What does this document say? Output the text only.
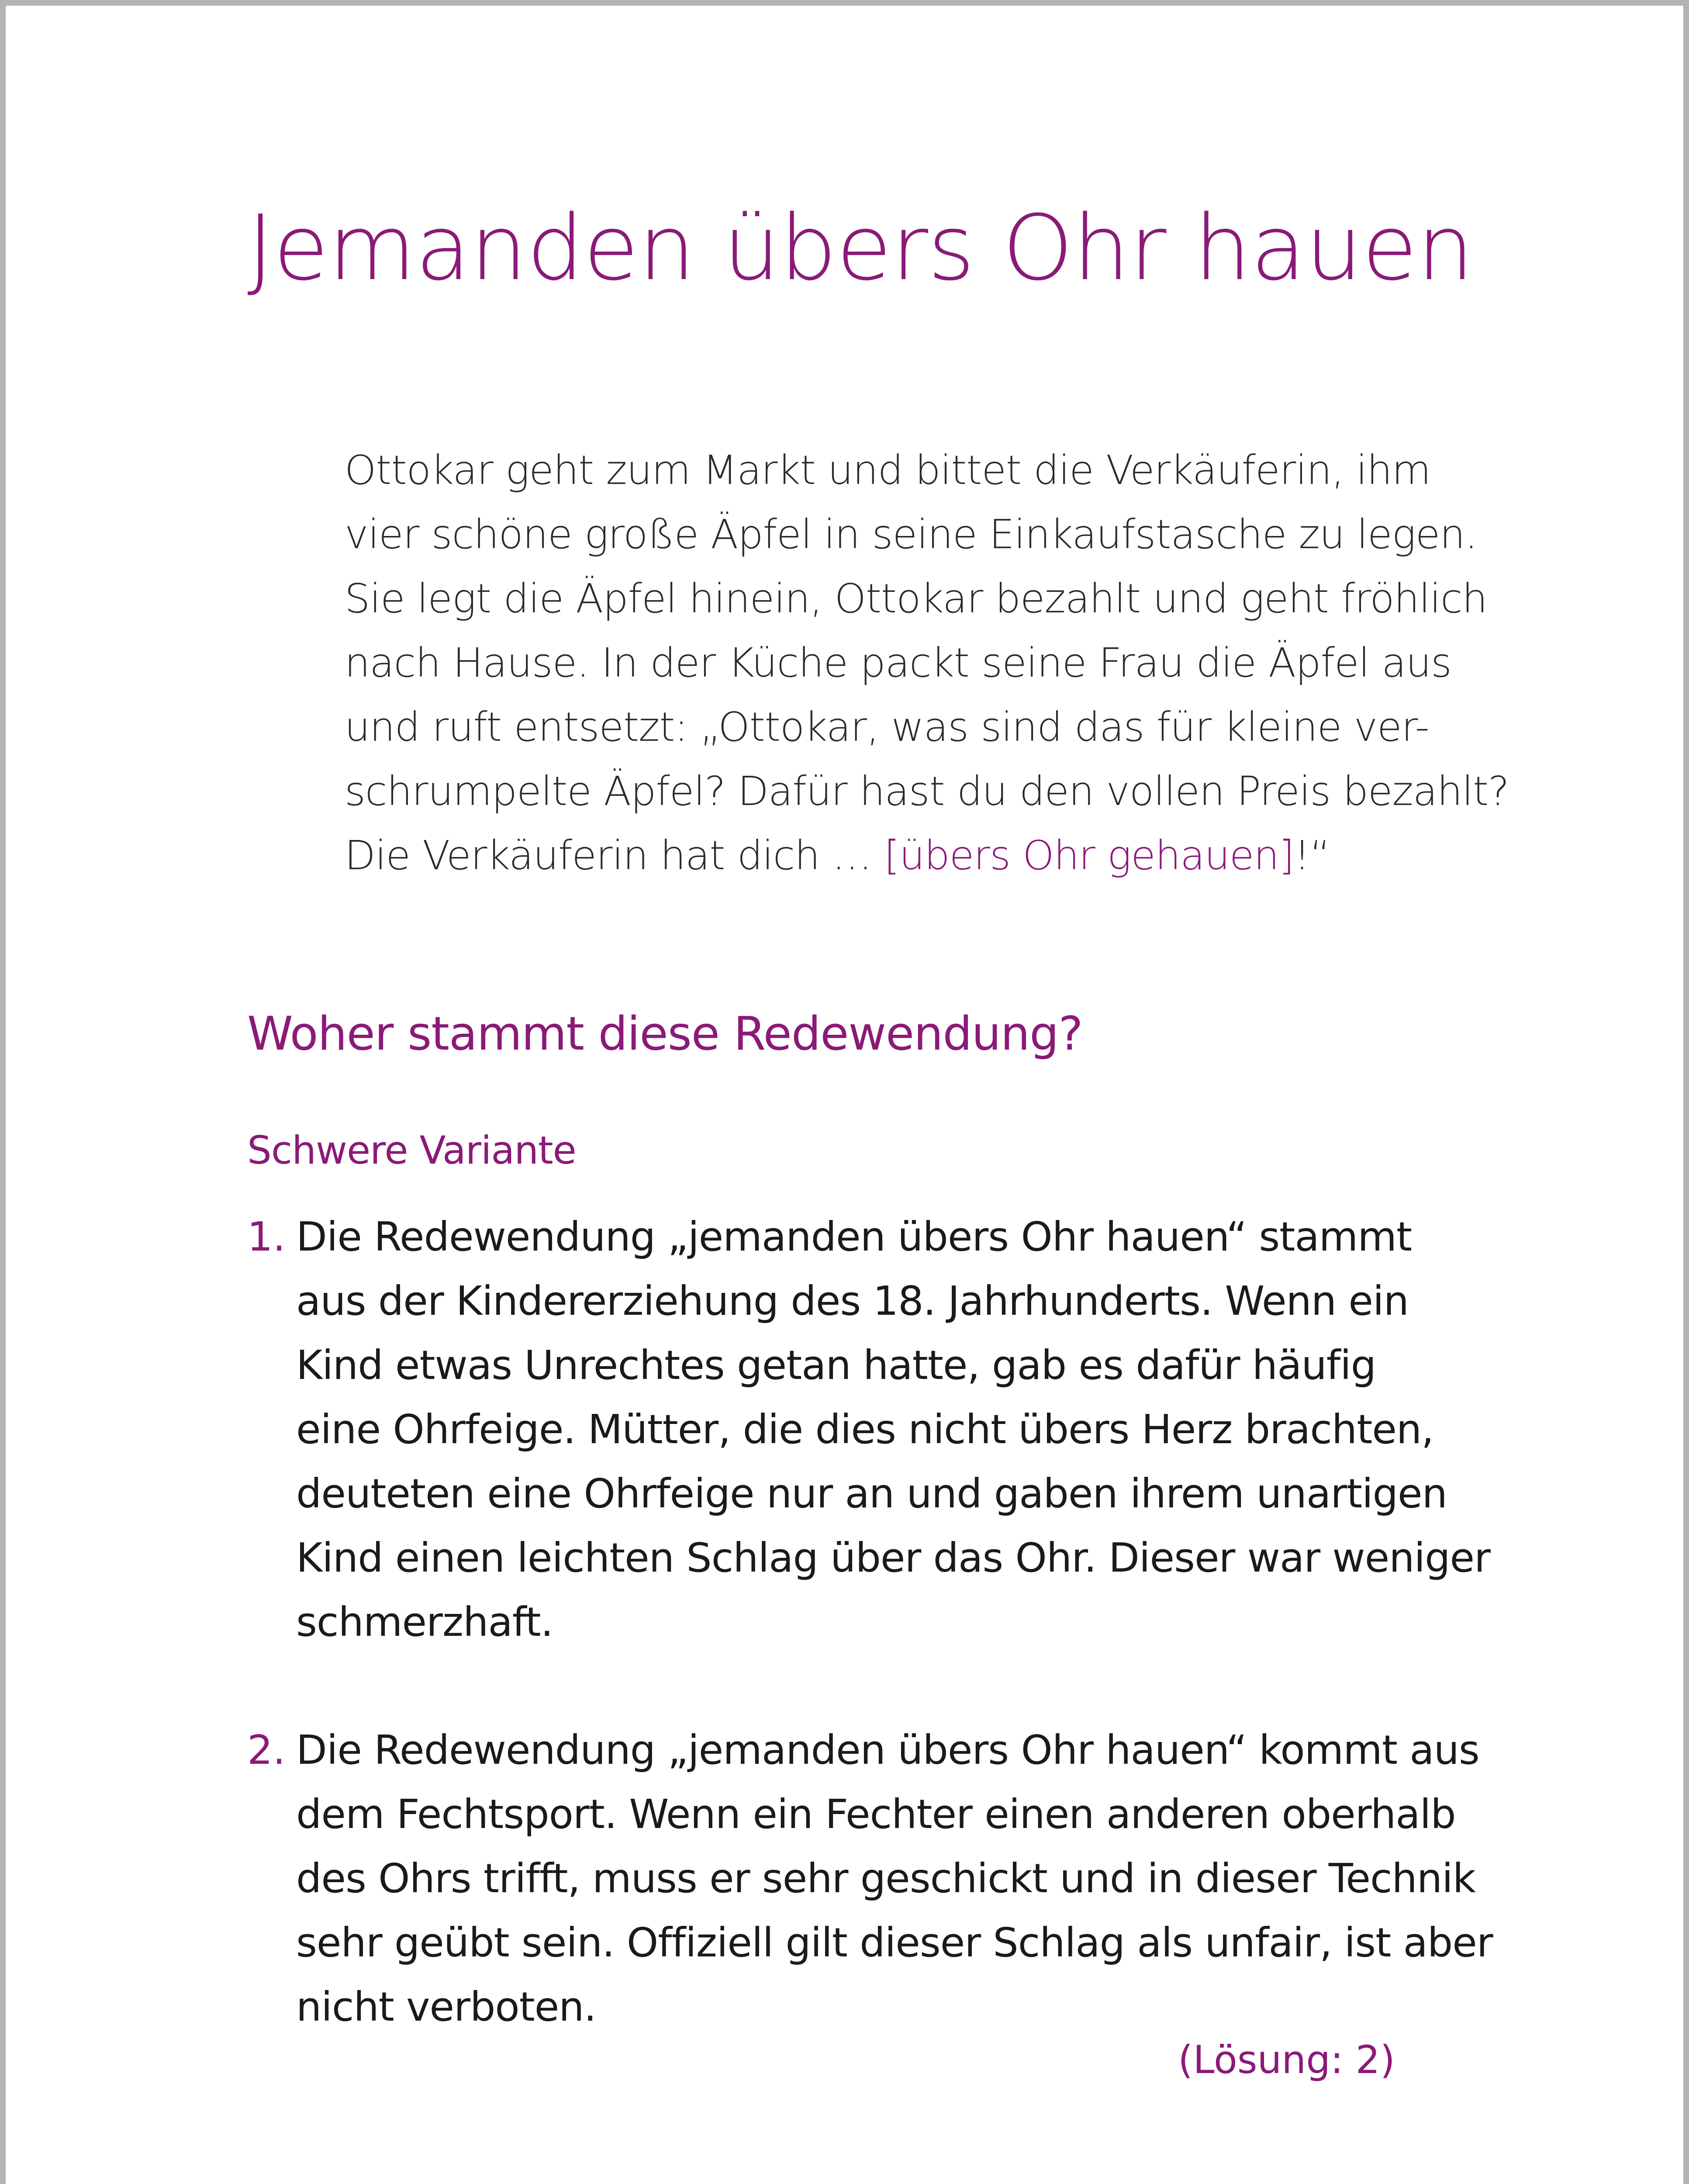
Jemanden übers Ohr hauen

Ottokar geht zum Markt und bittet die Verkäuferin, ihm
vier schöne große Äpfel in seine Einkaufstasche zu legen.
Sie legt die Äpfel hinein, Ottokar bezahlt und geht fröhlich
nach Hause. In der Küche packt seine Frau die Äpfel aus
und ruft entsetzt: „Ottokar, was sind das für kleine ver-
schrumpelte Äpfel? Dafür hast du den vollen Preis bezahlt?
Die Verkäuferin hat dich … [übers Ohr gehauen]!“

Woher stammt diese Redewendung?
Schwere Variante
1. Die Redewendung „jemanden übers Ohr hauen“ stammt
aus der Kindererziehung des 18. Jahrhunderts. Wenn ein
Kind etwas Unrechtes getan hatte, gab es dafür häufig
eine Ohrfeige. Mütter, die dies nicht übers Herz brachten,
deuteten eine Ohrfeige nur an und gaben ihrem unartigen
Kind einen leichten Schlag über das Ohr. Dieser war weniger
schmerzhaft.
2. Die Redewendung „jemanden übers Ohr hauen“ kommt aus
dem Fechtsport. Wenn ein Fechter einen anderen oberhalb
des Ohrs trifft, muss er sehr geschickt und in dieser Technik
sehr geübt sein. Offiziell gilt dieser Schlag als unfair, ist aber
nicht verboten.

(Lösung: 2)
